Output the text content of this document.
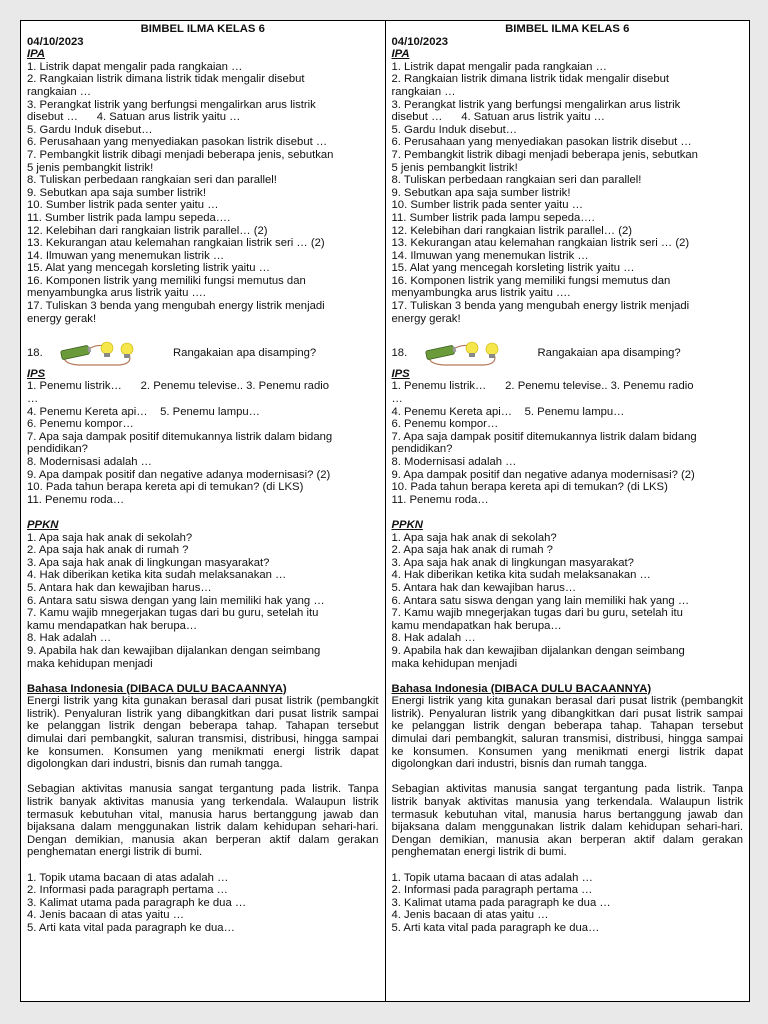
BIMBEL ILMA KELAS 6
04/10/2023
IPA
1. Listrik dapat mengalir pada rangkaian …
2. Rangkaian listrik dimana listrik tidak mengalir disebut
rangkaian …
3. Perangkat listrik yang berfungsi mengalirkan arus listrik
disebut …      4. Satuan arus listrik yaitu …
5. Gardu Induk disebut…
6. Perusahaan yang menyediakan pasokan listrik disebut …
7. Pembangkit listrik dibagi menjadi beberapa jenis, sebutkan
5 jenis pembangkit listrik!
8. Tuliskan perbedaan rangkaian seri dan parallel!
9. Sebutkan apa saja sumber listrik!
10. Sumber listrik pada senter yaitu …
11. Sumber listrik pada lampu sepeda….
12. Kelebihan dari rangkaian listrik parallel… (2)
13. Kekurangan atau kelemahan rangkaian listrik seri … (2)
14. Ilmuwan yang menemukan listrik …
15. Alat yang mencegah korsleting listrik yaitu …
16. Komponen listrik yang memiliki fungsi memutus dan
menyambungka arus listrik yaitu ….
17. Tuliskan 3 benda yang mengubah energy listrik menjadi
energy gerak!
18.	Rangakaian apa disamping?
IPS
1. Penemu listrik…      2. Penemu televise.. 3. Penemu radio
…
4. Penemu Kereta api…    5. Penemu lampu…
6. Penemu kompor…
7. Apa saja dampak positif ditemukannya listrik dalam bidang
pendidikan?
8. Modernisasi adalah …
9. Apa dampak positif dan negative adanya modernisasi? (2)
10. Pada tahun berapa kereta api di temukan? (di LKS)
11. Penemu roda…
PPKN
1. Apa saja hak anak di sekolah?
2. Apa saja hak anak di rumah ?
3. Apa saja hak anak di lingkungan masyarakat?
4. Hak diberikan ketika kita sudah melaksanakan …
5. Antara hak dan kewajiban harus…
6. Antara satu siswa dengan yang lain memiliki hak yang …
7. Kamu wajib mnegerjakan tugas dari bu guru, setelah itu
kamu mendapatkan hak berupa…
8. Hak adalah …
9. Apabila hak dan kewajiban dijalankan dengan seimbang
maka kehidupan menjadi
Bahasa Indonesia (DIBACA DULU BACAANNYA)
Energi listrik yang kita gunakan berasal dari pusat listrik (pembangkit listrik). Penyaluran listrik yang dibangkitkan dari pusat listrik sampai ke pelanggan listrik dengan beberapa tahap. Tahapan tersebut dimulai dari pembangkit, saluran transmisi, distribusi, hingga sampai ke konsumen. Konsumen yang menikmati energi listrik dapat digolongkan dari industri, bisnis dan rumah tangga.
Sebagian aktivitas manusia sangat tergantung pada listrik. Tanpa listrik banyak aktivitas manusia yang terkendala. Walaupun listrik termasuk kebutuhan vital, manusia harus bertanggung jawab dan bijaksana dalam menggunakan listrik dalam kehidupan sehari-hari. Dengan demikian, manusia akan berperan aktif dalam gerakan penghematan energi listrik di bumi.
1. Topik utama bacaan di atas adalah …
2. Informasi pada paragraph pertama …
3. Kalimat utama pada paragraph ke dua …
4. Jenis bacaan di atas yaitu …
5. Arti kata vital pada paragraph ke dua…
BIMBEL ILMA KELAS 6
04/10/2023
IPA
1. Listrik dapat mengalir pada rangkaian …
2. Rangkaian listrik dimana listrik tidak mengalir disebut
rangkaian …
3. Perangkat listrik yang berfungsi mengalirkan arus listrik
disebut …      4. Satuan arus listrik yaitu …
5. Gardu Induk disebut…
6. Perusahaan yang menyediakan pasokan listrik disebut …
7. Pembangkit listrik dibagi menjadi beberapa jenis, sebutkan
5 jenis pembangkit listrik!
8. Tuliskan perbedaan rangkaian seri dan parallel!
9. Sebutkan apa saja sumber listrik!
10. Sumber listrik pada senter yaitu …
11. Sumber listrik pada lampu sepeda….
12. Kelebihan dari rangkaian listrik parallel… (2)
13. Kekurangan atau kelemahan rangkaian listrik seri … (2)
14. Ilmuwan yang menemukan listrik …
15. Alat yang mencegah korsleting listrik yaitu …
16. Komponen listrik yang memiliki fungsi memutus dan
menyambungka arus listrik yaitu ….
17. Tuliskan 3 benda yang mengubah energy listrik menjadi
energy gerak!
18.	Rangakaian apa disamping?
IPS
1. Penemu listrik…      2. Penemu televise.. 3. Penemu radio
…
4. Penemu Kereta api…    5. Penemu lampu…
6. Penemu kompor…
7. Apa saja dampak positif ditemukannya listrik dalam bidang
pendidikan?
8. Modernisasi adalah …
9. Apa dampak positif dan negative adanya modernisasi? (2)
10. Pada tahun berapa kereta api di temukan? (di LKS)
11. Penemu roda…
PPKN
1. Apa saja hak anak di sekolah?
2. Apa saja hak anak di rumah ?
3. Apa saja hak anak di lingkungan masyarakat?
4. Hak diberikan ketika kita sudah melaksanakan …
5. Antara hak dan kewajiban harus…
6. Antara satu siswa dengan yang lain memiliki hak yang …
7. Kamu wajib mnegerjakan tugas dari bu guru, setelah itu
kamu mendapatkan hak berupa…
8. Hak adalah …
9. Apabila hak dan kewajiban dijalankan dengan seimbang
maka kehidupan menjadi
Bahasa Indonesia (DIBACA DULU BACAANNYA)
Energi listrik yang kita gunakan berasal dari pusat listrik (pembangkit listrik). Penyaluran listrik yang dibangkitkan dari pusat listrik sampai ke pelanggan listrik dengan beberapa tahap. Tahapan tersebut dimulai dari pembangkit, saluran transmisi, distribusi, hingga sampai ke konsumen. Konsumen yang menikmati energi listrik dapat digolongkan dari industri, bisnis dan rumah tangga.
Sebagian aktivitas manusia sangat tergantung pada listrik. Tanpa listrik banyak aktivitas manusia yang terkendala. Walaupun listrik termasuk kebutuhan vital, manusia harus bertanggung jawab dan bijaksana dalam menggunakan listrik dalam kehidupan sehari-hari. Dengan demikian, manusia akan berperan aktif dalam gerakan penghematan energi listrik di bumi.
1. Topik utama bacaan di atas adalah …
2. Informasi pada paragraph pertama …
3. Kalimat utama pada paragraph ke dua …
4. Jenis bacaan di atas yaitu …
5. Arti kata vital pada paragraph ke dua…
